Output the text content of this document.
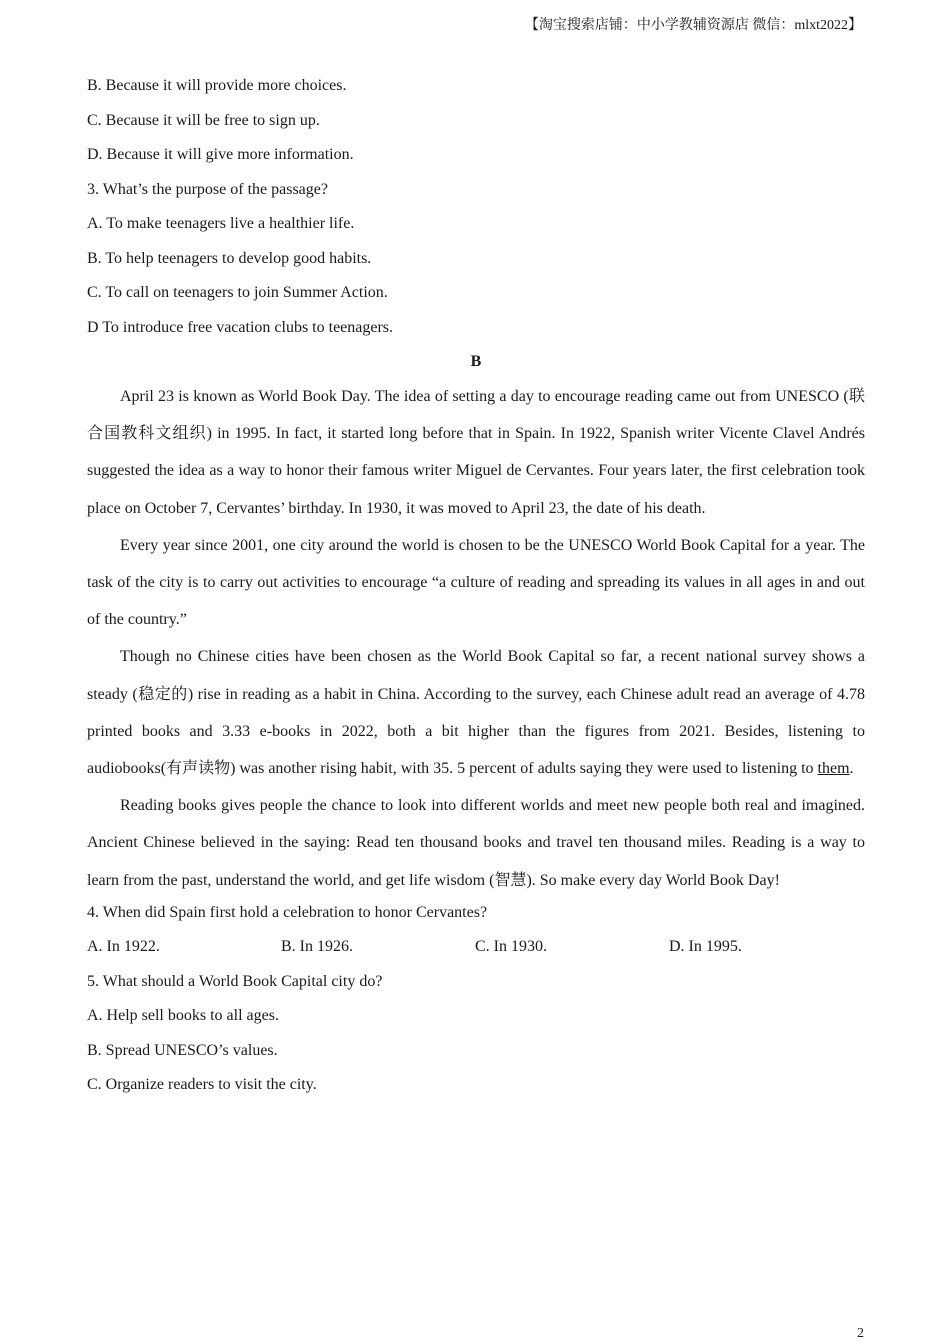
【淘宝搜索店铺：中小学教辅资源店 微信：mlxt2022】
B. Because it will provide more choices.
C. Because it will be free to sign up.
D. Because it will give more information.
3. What’s the purpose of the passage?
A. To make teenagers live a healthier life.
B. To help teenagers to develop good habits.
C. To call on teenagers to join Summer Action.
D To introduce free vacation clubs to teenagers.
B

April 23 is known as World Book Day. The idea of setting a day to encourage reading came out from UNESCO (联合国教科文组织) in 1995. In fact, it started long before that in Spain. In 1922, Spanish writer Vicente Clavel Andrés suggested the idea as a way to honor their famous writer Miguel de Cervantes. Four years later, the first celebration took place on October 7, Cervantes’ birthday. In 1930, it was moved to April 23, the date of his death.

Every year since 2001, one city around the world is chosen to be the UNESCO World Book Capital for a year. The task of the city is to carry out activities to encourage “a culture of reading and spreading its values in all ages in and out of the country.”

Though no Chinese cities have been chosen as the World Book Capital so far, a recent national survey shows a steady (稳定的) rise in reading as a habit in China. According to the survey, each Chinese adult read an average of 4.78 printed books and 3.33 e-books in 2022, both a bit higher than the figures from 2021. Besides, listening to audiobooks(有声读物) was another rising habit, with 35. 5 percent of adults saying they were used to listening to them.

Reading books gives people the chance to look into different worlds and meet new people both real and imagined. Ancient Chinese believed in the saying: Read ten thousand books and travel ten thousand miles. Reading is a way to learn from the past, understand the world, and get life wisdom (智慧). So make every day World Book Day!

4. When did Spain first hold a celebration to honor Cervantes?
A. In 1922.	B. In 1926.	C. In 1930.	D. In 1995.
5. What should a World Book Capital city do?
A. Help sell books to all ages.
B. Spread UNESCO’s values.
C. Organize readers to visit the city.
2
